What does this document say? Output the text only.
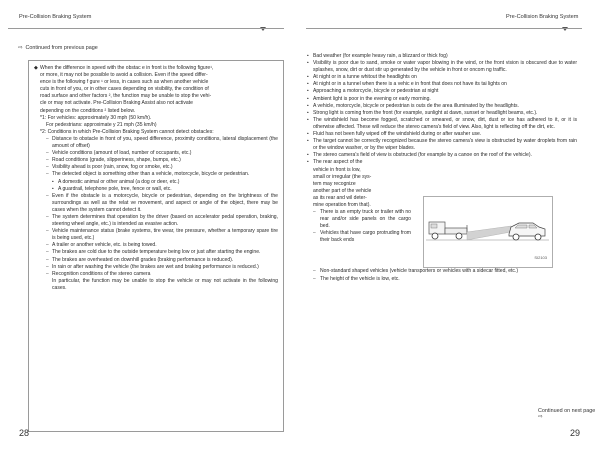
Pre-Collision Braking System
⇨ Continued from previous page
◆ When the difference in speed with the obstac e in front is the following figure¹,
or more, it may not be possible to avoid a collision. Even if the speed differ-
ence is the following f gure ¹ or less, in cases such as when another vehicle
cuts in front of you, or in other cases depending on visibility, the condition of
road surface and other factors ², the function may be unable to stop the vehi-
cle or may not activate. Pre-Collision Braking Assist also not activate
depending on the conditions ² listed below.
*1: For vehicles: approximately 30 mph (50 km/h).
For pedestrians: approximate y 21 mph (35 km/h)
*2: Conditions in which Pre-Collision Braking System cannot detect obstacles:
– Distance to obstacle in front of you, speed difference, proximity conditions, lateral displacement (the amount of offset)
– Vehicle conditions (amount of load, number of occupants, etc.)
– Road conditions (grade, slipperiness, shape, bumps, etc.)
– Visibility ahead is poor (rain, snow, fog or smoke, etc.)
– The detected object is something other than a vehicle, motorcycle, bicycle or pedestrian.
• A domestic animal or other animal (a dog or deer, etc.)
• A guardrail, telephone pole, tree, fence or wall, etc.
– Even if the obstacle is a motorcycle, bicycle or pedestrian, depending on the brightness of the surroundings as well as the relat ve movement, and aspect or angle of the object, there may be cases when the system cannot detect it.
– The system determines that operation by the driver (based on accelerator pedal operation, braking, steering wheel angle, etc.) is intended as evasive action.
– Vehicle maintenance status (brake systems, tire wear, tire pressure, whether a temporary spare tire is being used, etc.)
– A trailer or another vehicle, etc. is being towed.
– The brakes are cold due to the outside temperature being low or just after starting the engine.
– The brakes are overheated on downhill grades (braking performance is reduced).
– In rain or after washing the vehicle (the brakes are wet and braking performance is reduced.)
– Recognition conditions of the stereo camera
In particular, the function may be unable to stop the vehicle or may not activate in the following cases.
28
Pre-Collision Braking System
• Bad weather (for example heavy rain, a blizzard or thick fog)
• Visibility is poor due to sand, smoke or water vapor blowing in the wind, or the front vision is obscured due to water splashes, snow, dirt or dust stir up generated by the vehicle in front or oncom ng traffic.
• At night or in a tunne whitout the headlights on
• At night or in a tunnel when there is a vehic e in front that does not have its tai lights on
• Approaching a motorcycle, bicycle or pedestrian at night
• Ambient light is poor in the evening or early morning.
• A vehicle, motorcycle, bicycle or pedestrian is outs de the area illuminated by the headlights.
• Strong light is coming from the front (for example, sunlight at dawn, sunset or headlight beams, etc.).
• The windshield has become fogged, scratched or smeared, or snow, dirt, dust or ice has adhered to it, or it is otherwise affected. These will reduce the stereo camera's field of view. Also, light is reflecting off the dirt, etc.
• Fluid has not been fully wiped off the windshield during or after washer use.
• The target cannot be correctly recognized because the stereo camera's view is obstructed by water droplets from rain or the window washer, or by the wiper blades.
• The stereo camera's field of view is obstructed (for example by a canoe on the roof of the vehicle).
• The rear aspect of the
vehicle in front is low,
small or irregular (the sys-
tem may recognize
another part of the vehicle
as its rear and wil deter-
mine operation from that).
– There is an empty truck or trailer with no rear and/or side panels on the cargo bed.
– Vehicles that have cargo protruding from their back ends
SI2103
– Non-standard shaped vehicles (vehicle transporters or vehicles with a sidecar fitted, etc.)
– The height of the vehicle is low, etc.
Continued on next page ⇨
29
